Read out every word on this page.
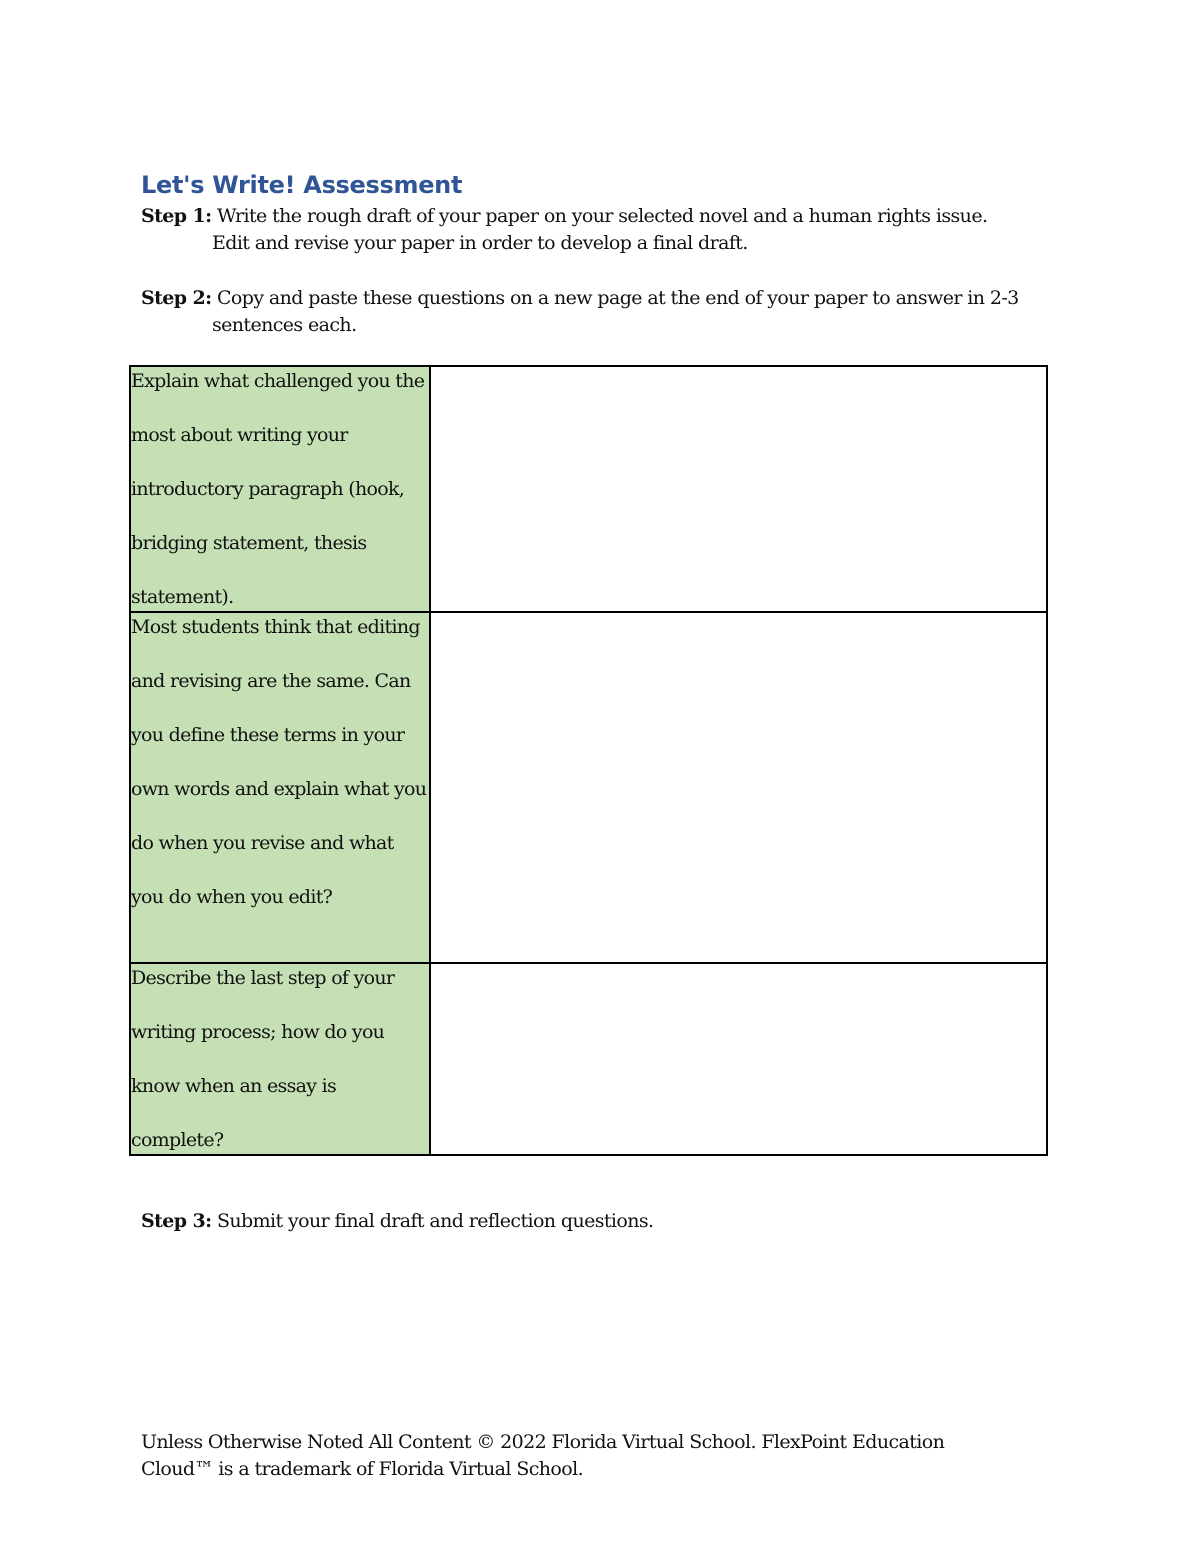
Let's Write! Assessment
Step 1: Write the rough draft of your paper on your selected novel and a human rights issue.
Edit and revise your paper in order to develop a final draft.
Step 2: Copy and paste these questions on a new page at the end of your paper to answer in 2-3
sentences each.
Explain what challenged you the most about writing your introductory paragraph (hook, bridging statement, thesis statement).	

Most students think that editing and revising are the same. Can you define these terms in your own words and explain what you do when you revise and what you do when you edit?	

Describe the last step of your writing process; how do you know when an essay is complete?	

Step 3: Submit your final draft and reflection questions.
Unless Otherwise Noted All Content © 2022 Florida Virtual School. FlexPoint Education Cloud™ is a trademark of Florida Virtual School.
